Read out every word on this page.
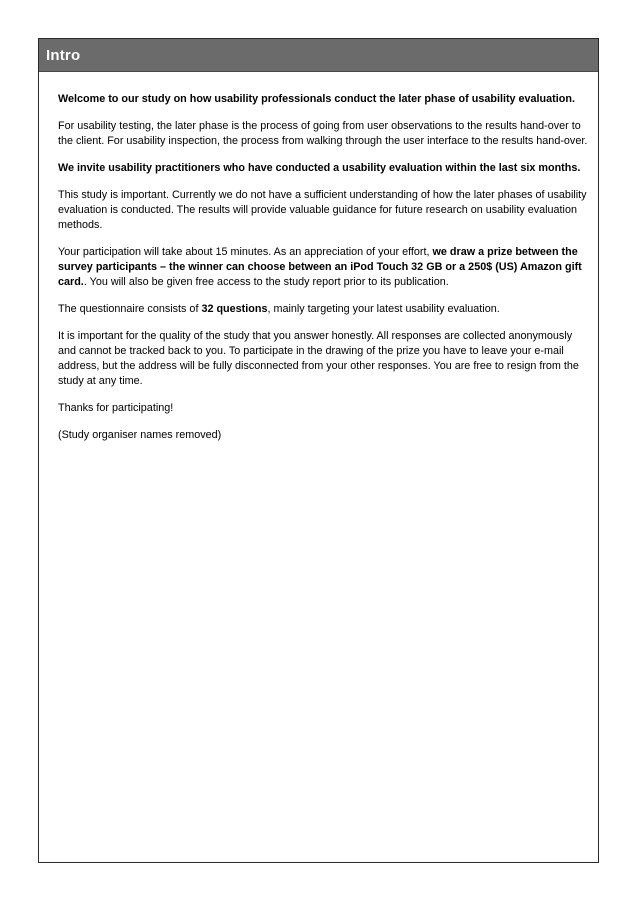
Intro

Welcome to our study on how usability professionals conduct the later phase of usability evaluation.

For usability testing, the later phase is the process of going from user observations to the results hand-over to the client. For usability inspection, the process from walking through the user interface to the results hand-over.

We invite usability practitioners who have conducted a usability evaluation within the last six months.

This study is important. Currently we do not have a sufficient understanding of how the later phases of usability evaluation is conducted. The results will provide valuable guidance for future research on usability evaluation methods.

Your participation will take about 15 minutes. As an appreciation of your effort, we draw a prize between the survey participants – the winner can choose between an iPod Touch 32 GB or a 250$ (US) Amazon gift card.. You will also be given free access to the study report prior to its publication.

The questionnaire consists of 32 questions, mainly targeting your latest usability evaluation.

It is important for the quality of the study that you answer honestly. All responses are collected anonymously and cannot be tracked back to you. To participate in the drawing of the prize you have to leave your e-mail address, but the address will be fully disconnected from your other responses. You are free to resign from the study at any time.

Thanks for participating!

(Study organiser names removed)
